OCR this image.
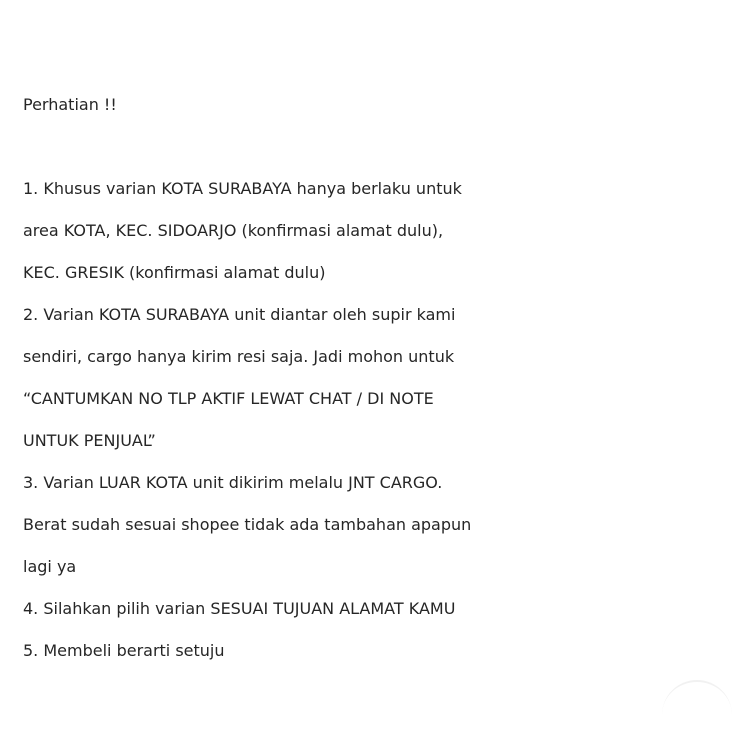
Perhatian !!
1. Khusus varian KOTA SURABAYA hanya berlaku untuk
area KOTA, KEC. SIDOARJO (konfirmasi alamat dulu),
KEC. GRESIK (konfirmasi alamat dulu)
2. Varian KOTA SURABAYA unit diantar oleh supir kami
sendiri, cargo hanya kirim resi saja. Jadi mohon untuk
“CANTUMKAN NO TLP AKTIF LEWAT CHAT / DI NOTE
UNTUK PENJUAL”
3. Varian LUAR KOTA unit dikirim melalu JNT CARGO.
Berat sudah sesuai shopee tidak ada tambahan apapun
lagi ya
4. Silahkan pilih varian SESUAI TUJUAN ALAMAT KAMU
5. Membeli berarti setuju
